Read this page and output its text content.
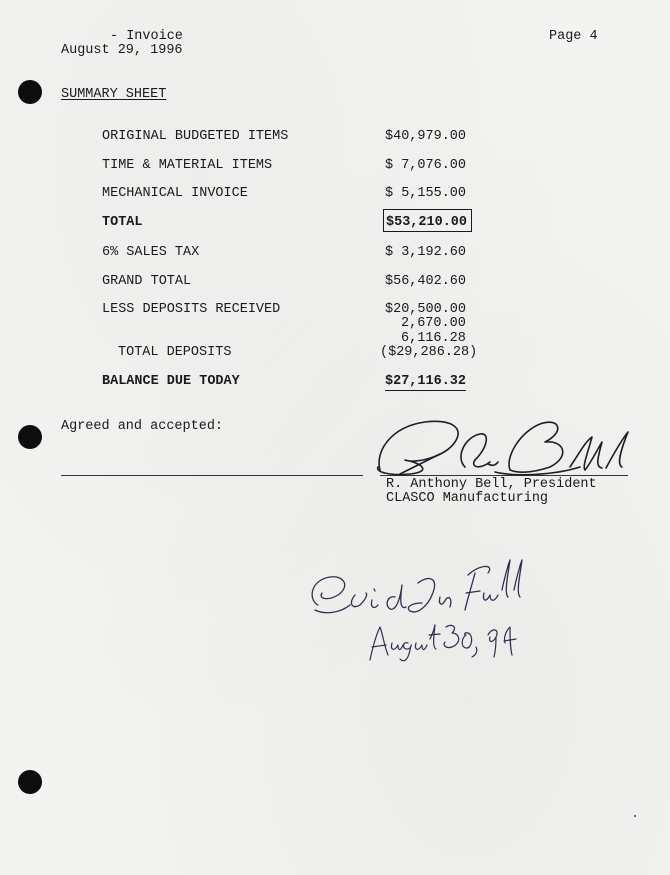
- Invoice
August 29, 1996
Page 4
SUMMARY SHEET
ORIGINAL BUDGETED ITEMS	$40,979.00
TIME & MATERIAL ITEMS	$ 7,076.00
MECHANICAL INVOICE	$ 5,155.00
TOTAL	$53,210.00
6% SALES TAX	$ 3,192.60
GRAND TOTAL	$56,402.60
LESS DEPOSITS RECEIVED	$20,500.00
2,670.00
6,116.28
TOTAL DEPOSITS	($29,286.28)
BALANCE DUE TODAY	$27,116.32
Agreed and accepted:
R. Anthony Bell, President
CLASCO Manufacturing
